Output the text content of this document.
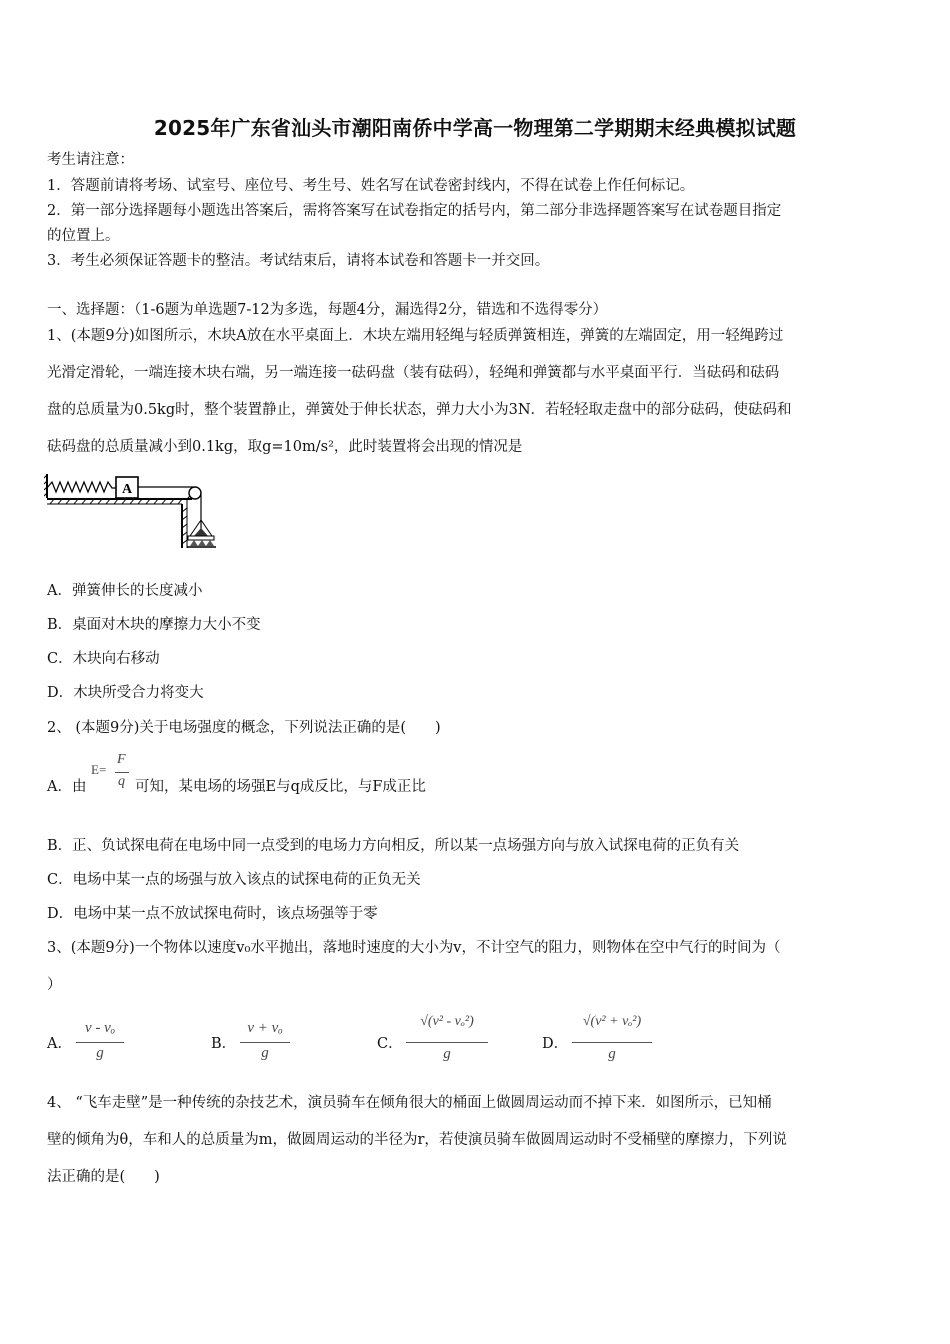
2025年广东省汕头市潮阳南侨中学高一物理第二学期期末经典模拟试题
考生请注意：
1．答题前请将考场、试室号、座位号、考生号、姓名写在试卷密封线内，不得在试卷上作任何标记。
2．第一部分选择题每小题选出答案后，需将答案写在试卷指定的括号内，第二部分非选择题答案写在试卷题目指定
的位置上。
3．考生必须保证答题卡的整洁。考试结束后，请将本试卷和答题卡一并交回。
一、选择题：（1-6题为单选题7-12为多选，每题4分，漏选得2分，错选和不选得零分）
1、(本题9分)如图所示，木块A放在水平桌面上．木块左端用轻绳与轻质弹簧相连，弹簧的左端固定，用一轻绳跨过
光滑定滑轮，一端连接木块右端，另一端连接一砝码盘（装有砝码），轻绳和弹簧都与水平桌面平行．当砝码和砝码
盘的总质量为0.5kg时，整个装置静止，弹簧处于伸长状态，弹力大小为3N．若轻轻取走盘中的部分砝码，使砝码和
砝码盘的总质量减小到0.1kg，取g=10m/s²，此时装置将会出现的情况是
A
A．弹簧伸长的长度减小
B．桌面对木块的摩擦力大小不变
C．木块向右移动
D．木块所受合力将变大
2、 (本题9分)关于电场强度的概念，下列说法正确的是(　　)
A．由
E=
F
q 可知，某电场的场强E与q成反比，与F成正比
B．正、负试探电荷在电场中同一点受到的电场力方向相反，所以某一点场强方向与放入试探电荷的正负有关
C．电场中某一点的场强与放入该点的试探电荷的正负无关
D．电场中某一点不放试探电荷时，该点场强等于零
3、(本题9分)一个物体以速度v₀水平抛出，落地时速度的大小为v，不计空气的阻力，则物体在空中气行的时间为（
）
A．
v - vₒ
g
B．
v + vₒ
g
C．
√(v² - vₒ²)
g
D．
√(v² + vₒ²)
g
4、 “飞车走壁”是一种传统的杂技艺术，演员骑车在倾角很大的桶面上做圆周运动而不掉下来．如图所示，已知桶
壁的倾角为θ，车和人的总质量为m，做圆周运动的半径为r，若使演员骑车做圆周运动时不受桶壁的摩擦力，下列说
法正确的是(　　)
